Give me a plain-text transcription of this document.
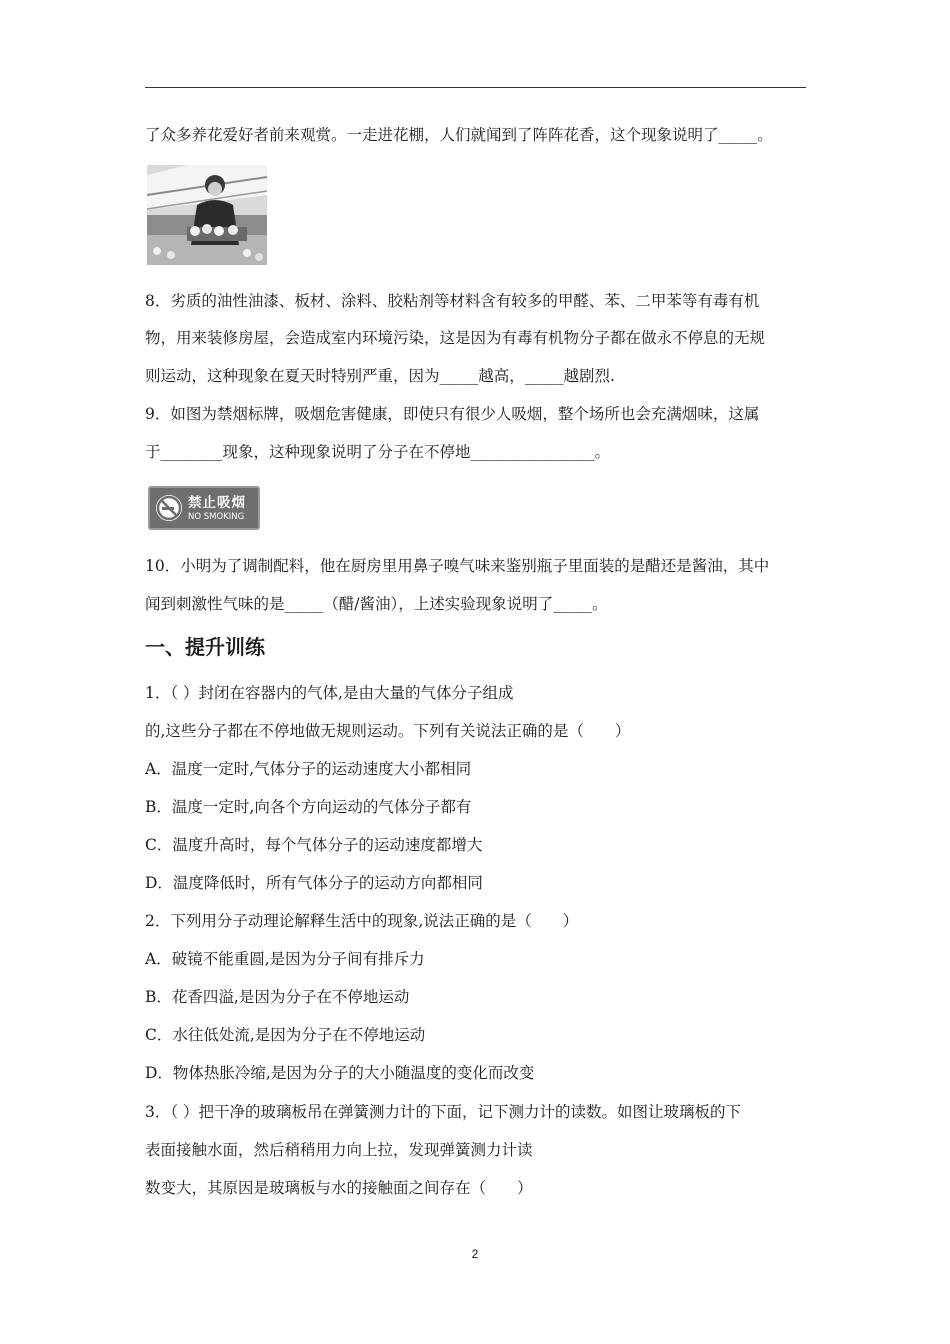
了众多养花爱好者前来观赏。一走进花棚，人们就闻到了阵阵花香，这个现象说明了_____。
8．劣质的油性油漆、板材、涂料、胶粘剂等材料含有较多的甲醛、苯、二甲苯等有毒有机
物，用来装修房屋，会造成室内环境污染，这是因为有毒有机物分子都在做永不停息的无规
则运动，这种现象在夏天时特别严重，因为_____越高，_____越剧烈.
9．如图为禁烟标牌，吸烟危害健康，即使只有很少人吸烟，整个场所也会充满烟味，这属
于________现象，这种现象说明了分子在不停地________________。
禁止吸烟
NO SMOKING
10．小明为了调制配料，他在厨房里用鼻子嗅气味来鉴别瓶子里面装的是醋还是酱油，其中
闻到刺激性气味的是_____（醋/酱油），上述实验现象说明了_____。
一、提升训练
1．（ ）封闭在容器内的气体,是由大量的气体分子组成
的,这些分子都在不停地做无规则运动。下列有关说法正确的是（　　）
A．温度一定时,气体分子的运动速度大小都相同
B．温度一定时,向各个方向运动的气体分子都有
C．温度升高时，每个气体分子的运动速度都增大
D．温度降低时，所有气体分子的运动方向都相同
2．下列用分子动理论解释生活中的现象,说法正确的是（　　）
A．破镜不能重圆,是因为分子间有排斥力
B．花香四溢,是因为分子在不停地运动
C．水往低处流,是因为分子在不停地运动
D．物体热胀冷缩,是因为分子的大小随温度的变化而改变
3．（ ）把干净的玻璃板吊在弹簧测力计的下面，记下测力计的读数。如图让玻璃板的下
表面接触水面，然后稍稍用力向上拉，发现弹簧测力计读
数变大，其原因是玻璃板与水的接触面之间存在（　　）
2
